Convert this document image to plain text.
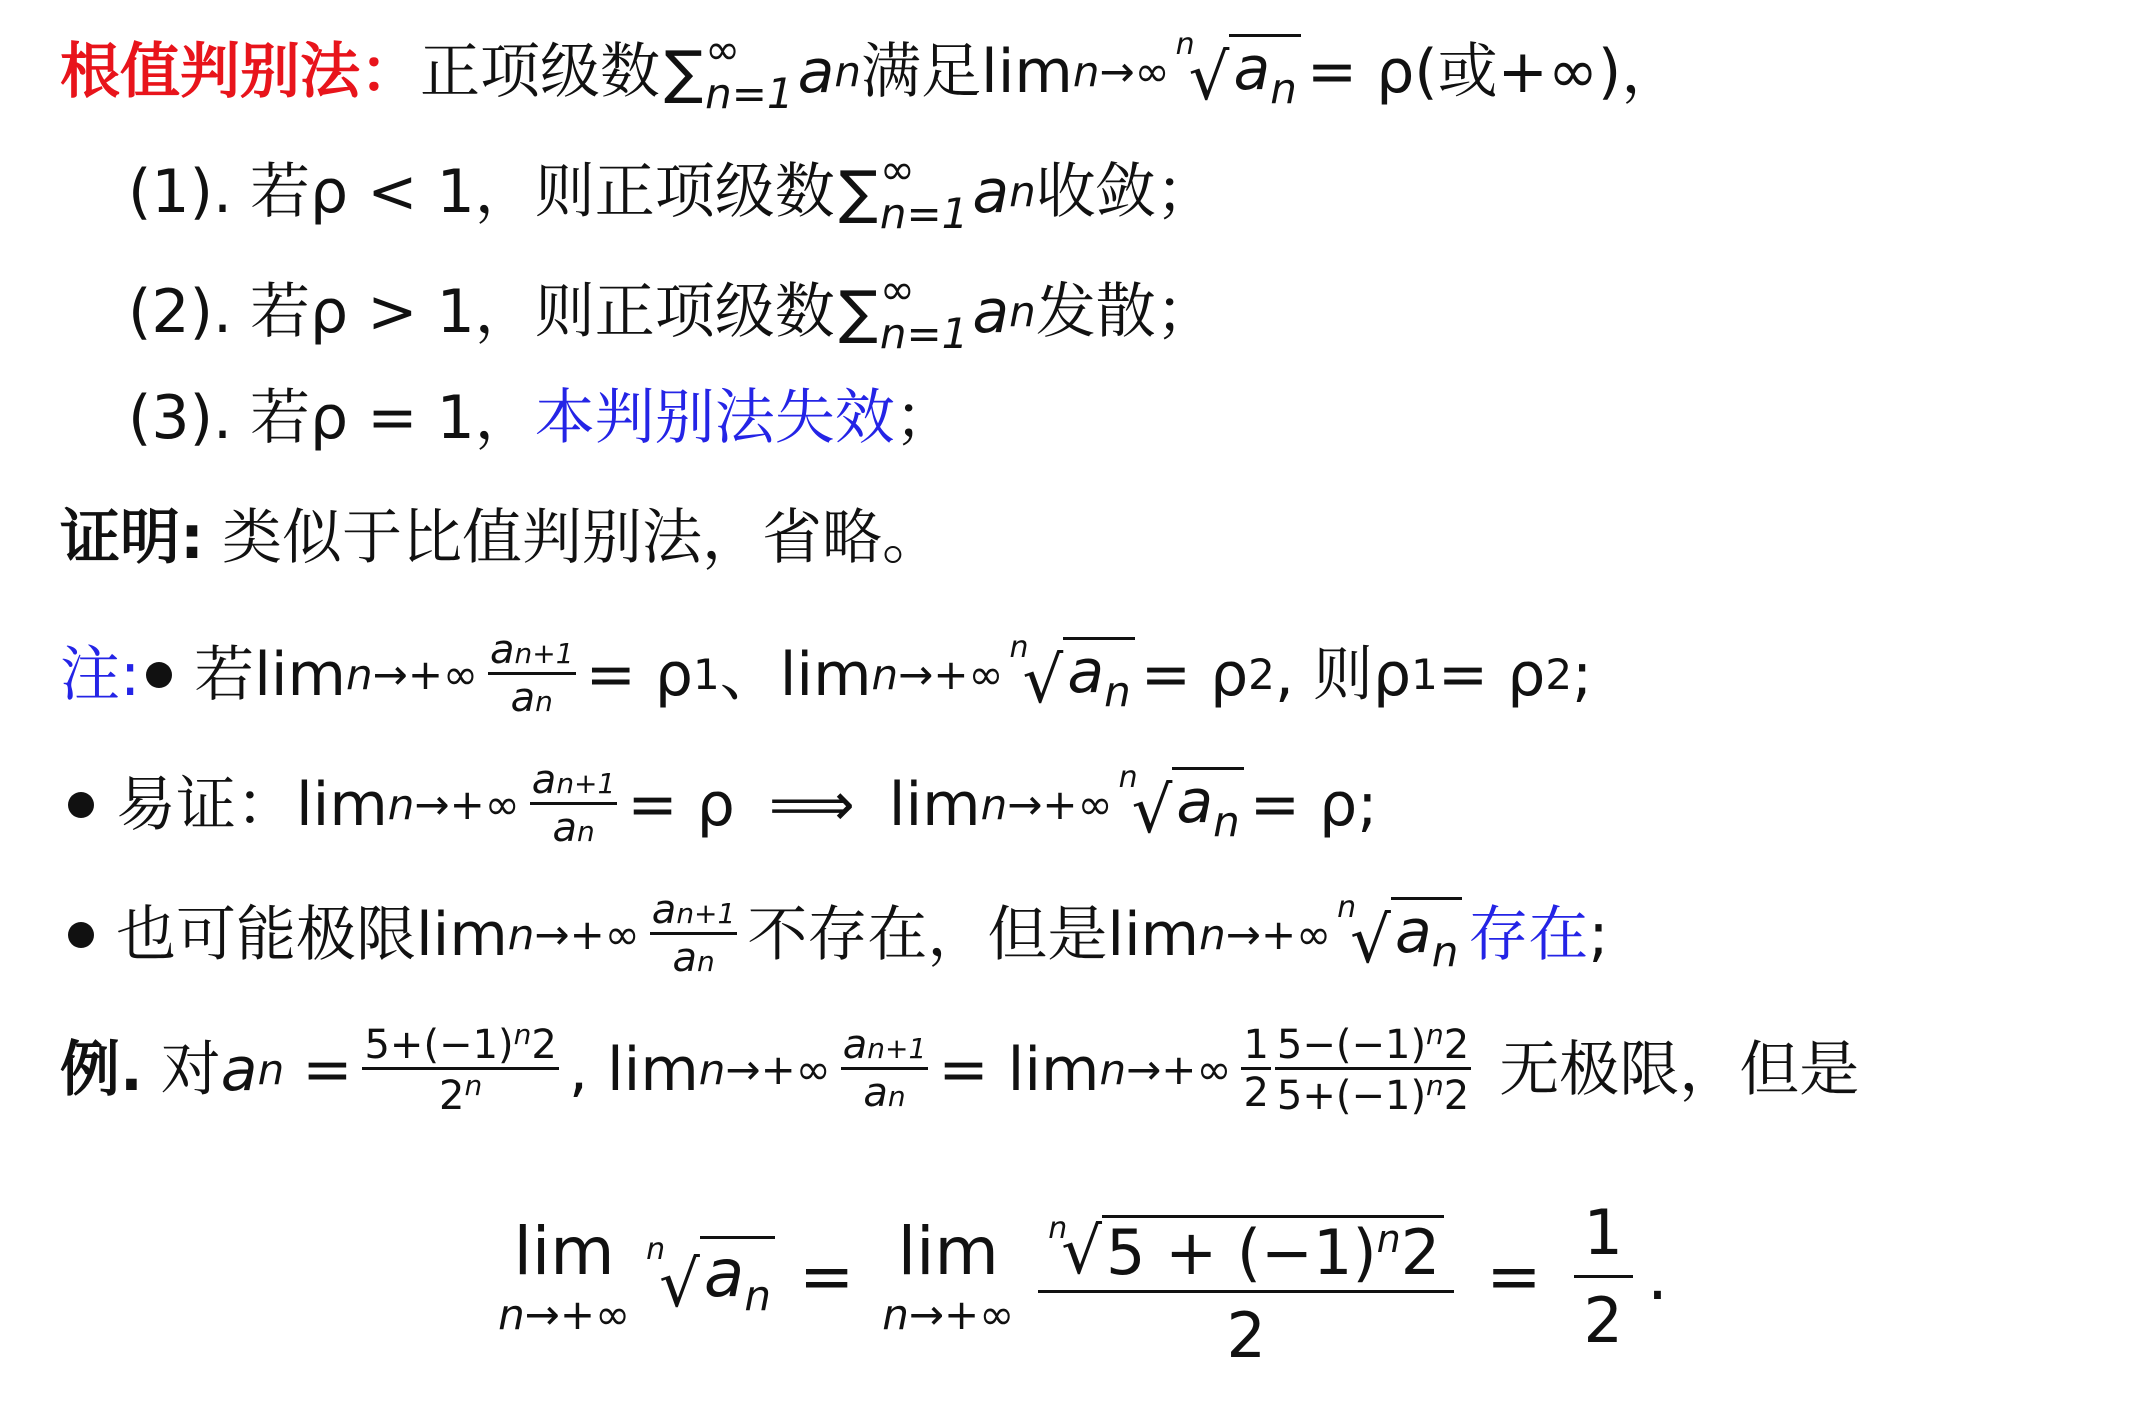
根值判别法： 正项级数 ∑ ∞
n=1 a n 满足 lim n→∞
n
√ $a_n = \rho$(或+∞)，
(1). 若ρ < 1，则正项级数 ∑ ∞
n=1 a n 收敛；
(2). 若ρ > 1，则正项级数 ∑ ∞
n=1 a n 发散；
(3). 若ρ = 1， 本判别法失效 ；
证明: 类似于比值判别法，省略。
注: 若$\lim n\to+\infty \frac{an+1}{an} = \rho$ 1 、lim n→+∞
n
√ $a_n = \rho$ 2 , 则ρ 1 = ρ 2 ;
易证：$\lim n\to+\infty \frac{an+1}{an} = \rho$ ⟹ lim n→+∞
n
√ $a_n = \rho$;
也可能极限$\lim n\to+\infty \frac{an+1}{an}$ 不存在，但是lim n→+∞
n
√ $a_n$ 存在 ;
例. 对 a $n = \frac{5+(-1)^n2}{2^n}$ , $\lim n\to+\infty \frac{an+1}{an} = \lim n\to+\infty \frac{1}{2} \frac{5-(-1)^n2}{5+(-1)^n2}$ 无极限，但是
lim
n→+∞
n
√ $a_n = \lim$
n→+∞ n
√ $5 + (-1)^n2$
$2 = \frac{1}{2}$ .
